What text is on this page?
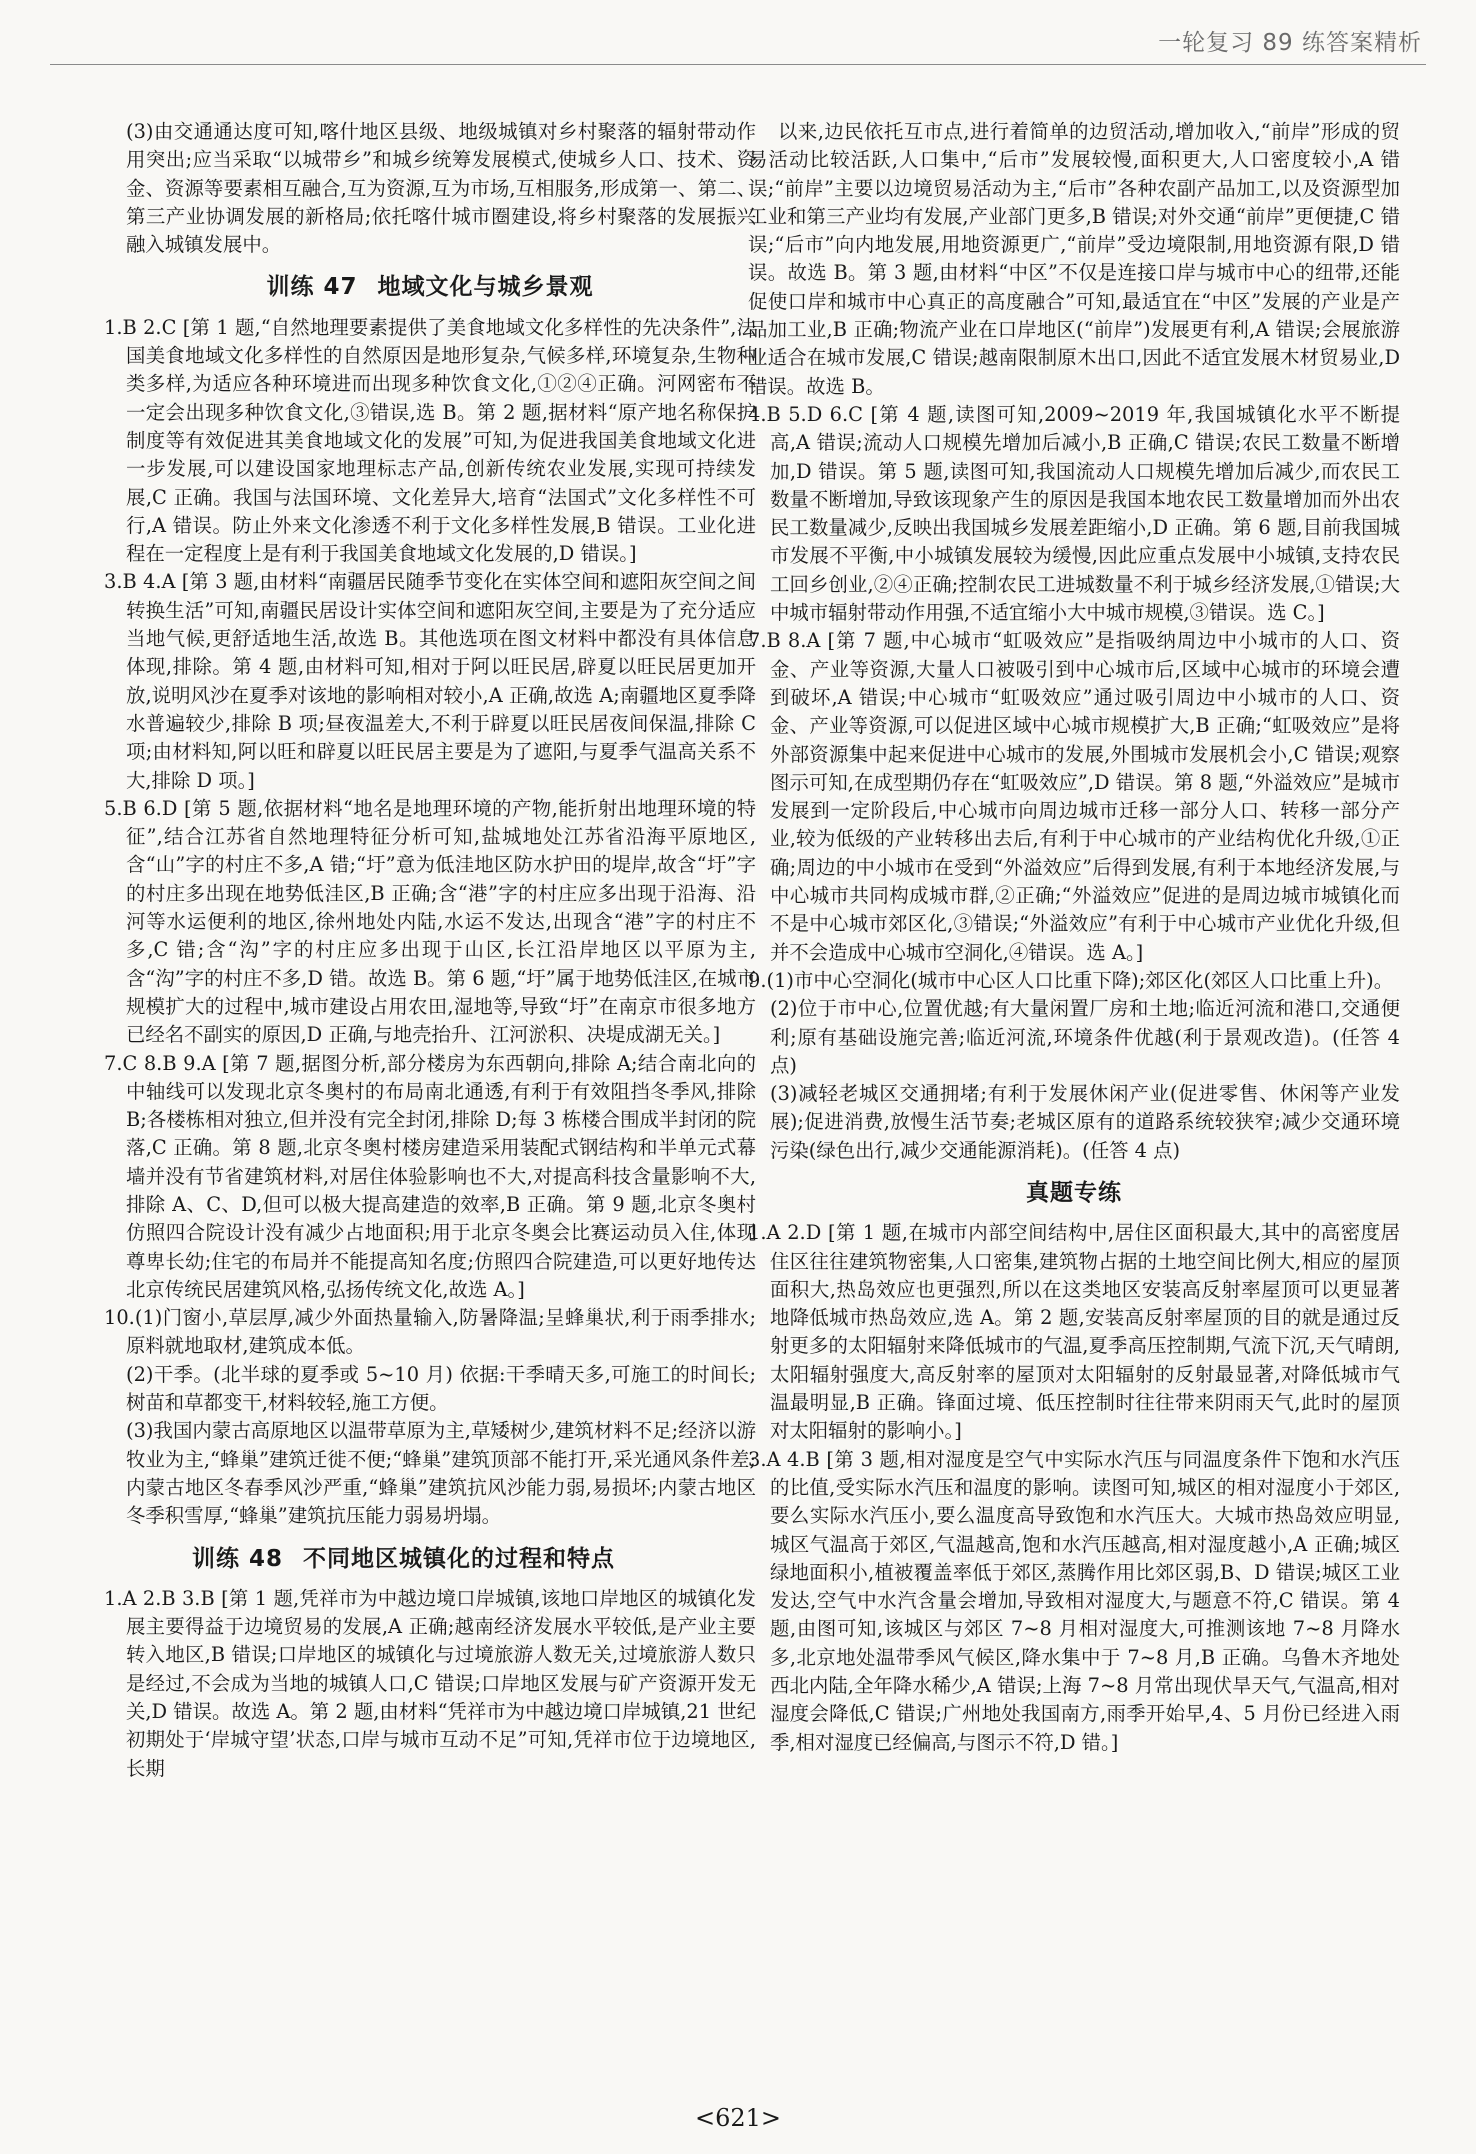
一轮复习 89 练答案精析

(3)由交通通达度可知,喀什地区县级、地级城镇对乡村聚落的辐射带动作用突出;应当采取“以城带乡”和城乡统筹发展模式,使城乡人口、技术、资金、资源等要素相互融合,互为资源,互为市场,互相服务,形成第一、第二、第三产业协调发展的新格局;依托喀什城市圈建设,将乡村聚落的发展振兴融入城镇发展中。

训练 47 地域文化与城乡景观

1.B 2.C [第 1 题,“自然地理要素提供了美食地域文化多样性的先决条件”,法国美食地域文化多样性的自然原因是地形复杂,气候多样,环境复杂,生物种类多样,为适应各种环境进而出现多种饮食文化,①②④正确。河网密布不一定会出现多种饮食文化,③错误,选 B。第 2 题,据材料“原产地名称保护制度等有效促进其美食地域文化的发展”可知,为促进我国美食地域文化进一步发展,可以建设国家地理标志产品,创新传统农业发展,实现可持续发展,C 正确。我国与法国环境、文化差异大,培育“法国式”文化多样性不可行,A 错误。防止外来文化渗透不利于文化多样性发展,B 错误。工业化进程在一定程度上是有利于我国美食地域文化发展的,D 错误。]

3.B 4.A [第 3 题,由材料“南疆居民随季节变化在实体空间和遮阳灰空间之间转换生活”可知,南疆民居设计实体空间和遮阳灰空间,主要是为了充分适应当地气候,更舒适地生活,故选 B。其他选项在图文材料中都没有具体信息体现,排除。第 4 题,由材料可知,相对于阿以旺民居,辟夏以旺民居更加开放,说明风沙在夏季对该地的影响相对较小,A 正确,故选 A;南疆地区夏季降水普遍较少,排除 B 项;昼夜温差大,不利于辟夏以旺民居夜间保温,排除 C 项;由材料知,阿以旺和辟夏以旺民居主要是为了遮阳,与夏季气温高关系不大,排除 D 项。]

5.B 6.D [第 5 题,依据材料“地名是地理环境的产物,能折射出地理环境的特征”,结合江苏省自然地理特征分析可知,盐城地处江苏省沿海平原地区,含“山”字的村庄不多,A 错;“圩”意为低洼地区防水护田的堤岸,故含“圩”字的村庄多出现在地势低洼区,B 正确;含“港”字的村庄应多出现于沿海、沿河等水运便利的地区,徐州地处内陆,水运不发达,出现含“港”字的村庄不多,C 错;含“沟”字的村庄应多出现于山区,长江沿岸地区以平原为主,含“沟”字的村庄不多,D 错。故选 B。第 6 题,“圩”属于地势低洼区,在城市规模扩大的过程中,城市建设占用农田,湿地等,导致“圩”在南京市很多地方已经名不副实的原因,D 正确,与地壳抬升、江河淤积、决堤成湖无关。]

7.C 8.B 9.A [第 7 题,据图分析,部分楼房为东西朝向,排除 A;结合南北向的中轴线可以发现北京冬奥村的布局南北通透,有利于有效阻挡冬季风,排除 B;各楼栋相对独立,但并没有完全封闭,排除 D;每 3 栋楼合围成半封闭的院落,C 正确。第 8 题,北京冬奥村楼房建造采用装配式钢结构和半单元式幕墙并没有节省建筑材料,对居住体验影响也不大,对提高科技含量影响不大,排除 A、C、D,但可以极大提高建造的效率,B 正确。第 9 题,北京冬奥村仿照四合院设计没有减少占地面积;用于北京冬奥会比赛运动员入住,体现尊卑长幼;住宅的布局并不能提高知名度;仿照四合院建造,可以更好地传达北京传统民居建筑风格,弘扬传统文化,故选 A。]

10.(1)门窗小,草层厚,减少外面热量输入,防暑降温;呈蜂巢状,利于雨季排水;原料就地取材,建筑成本低。

(2)干季。(北半球的夏季或 5~10 月) 依据:干季晴天多,可施工的时间长;树苗和草都变干,材料较轻,施工方便。

(3)我国内蒙古高原地区以温带草原为主,草矮树少,建筑材料不足;经济以游牧业为主,“蜂巢”建筑迁徙不便;“蜂巢”建筑顶部不能打开,采光通风条件差;内蒙古地区冬春季风沙严重,“蜂巢”建筑抗风沙能力弱,易损坏;内蒙古地区冬季积雪厚,“蜂巢”建筑抗压能力弱易坍塌。

训练 48 不同地区城镇化的过程和特点

1.A 2.B 3.B [第 1 题,凭祥市为中越边境口岸城镇,该地口岸地区的城镇化发展主要得益于边境贸易的发展,A 正确;越南经济发展水平较低,是产业主要转入地区,B 错误;口岸地区的城镇化与过境旅游人数无关,过境旅游人数只是经过,不会成为当地的城镇人口,C 错误;口岸地区发展与矿产资源开发无关,D 错误。故选 A。第 2 题,由材料“凭祥市为中越边境口岸城镇,21 世纪初期处于‘岸城守望’状态,口岸与城市互动不足”可知,凭祥市位于边境地区,长期

以来,边民依托互市点,进行着简单的边贸活动,增加收入,“前岸”形成的贸易活动比较活跃,人口集中,“后市”发展较慢,面积更大,人口密度较小,A 错误;“前岸”主要以边境贸易活动为主,“后市”各种农副产品加工,以及资源型加工业和第三产业均有发展,产业部门更多,B 错误;对外交通“前岸”更便捷,C 错误;“后市”向内地发展,用地资源更广,“前岸”受边境限制,用地资源有限,D 错误。故选 B。第 3 题,由材料“中区”不仅是连接口岸与城市中心的纽带,还能促使口岸和城市中心真正的高度融合”可知,最适宜在“中区”发展的产业是产品加工业,B 正确;物流产业在口岸地区(“前岸”)发展更有利,A 错误;会展旅游业适合在城市发展,C 错误;越南限制原木出口,因此不适宜发展木材贸易业,D 错误。故选 B。

4.B 5.D 6.C [第 4 题,读图可知,2009~2019 年,我国城镇化水平不断提高,A 错误;流动人口规模先增加后减小,B 正确,C 错误;农民工数量不断增加,D 错误。第 5 题,读图可知,我国流动人口规模先增加后减少,而农民工数量不断增加,导致该现象产生的原因是我国本地农民工数量增加而外出农民工数量减少,反映出我国城乡发展差距缩小,D 正确。第 6 题,目前我国城市发展不平衡,中小城镇发展较为缓慢,因此应重点发展中小城镇,支持农民工回乡创业,②④正确;控制农民工进城数量不利于城乡经济发展,①错误;大中城市辐射带动作用强,不适宜缩小大中城市规模,③错误。选 C。]

7.B 8.A [第 7 题,中心城市“虹吸效应”是指吸纳周边中小城市的人口、资金、产业等资源,大量人口被吸引到中心城市后,区域中心城市的环境会遭到破坏,A 错误;中心城市“虹吸效应”通过吸引周边中小城市的人口、资金、产业等资源,可以促进区域中心城市规模扩大,B 正确;“虹吸效应”是将外部资源集中起来促进中心城市的发展,外围城市发展机会小,C 错误;观察图示可知,在成型期仍存在“虹吸效应”,D 错误。第 8 题,“外溢效应”是城市发展到一定阶段后,中心城市向周边城市迁移一部分人口、转移一部分产业,较为低级的产业转移出去后,有利于中心城市的产业结构优化升级,①正确;周边的中小城市在受到“外溢效应”后得到发展,有利于本地经济发展,与中心城市共同构成城市群,②正确;“外溢效应”促进的是周边城市城镇化而不是中心城市郊区化,③错误;“外溢效应”有利于中心城市产业优化升级,但并不会造成中心城市空洞化,④错误。选 A。]

9.(1)市中心空洞化(城市中心区人口比重下降);郊区化(郊区人口比重上升)。

(2)位于市中心,位置优越;有大量闲置厂房和土地;临近河流和港口,交通便利;原有基础设施完善;临近河流,环境条件优越(利于景观改造)。(任答 4 点)

(3)减轻老城区交通拥堵;有利于发展休闲产业(促进零售、休闲等产业发展);促进消费,放慢生活节奏;老城区原有的道路系统较狭窄;减少交通环境污染(绿色出行,减少交通能源消耗)。(任答 4 点)

真题专练

1.A 2.D [第 1 题,在城市内部空间结构中,居住区面积最大,其中的高密度居住区往往建筑物密集,人口密集,建筑物占据的土地空间比例大,相应的屋顶面积大,热岛效应也更强烈,所以在这类地区安装高反射率屋顶可以更显著地降低城市热岛效应,选 A。第 2 题,安装高反射率屋顶的目的就是通过反射更多的太阳辐射来降低城市的气温,夏季高压控制期,气流下沉,天气晴朗,太阳辐射强度大,高反射率的屋顶对太阳辐射的反射最显著,对降低城市气温最明显,B 正确。锋面过境、低压控制时往往带来阴雨天气,此时的屋顶对太阳辐射的影响小。]

3.A 4.B [第 3 题,相对湿度是空气中实际水汽压与同温度条件下饱和水汽压的比值,受实际水汽压和温度的影响。读图可知,城区的相对湿度小于郊区,要么实际水汽压小,要么温度高导致饱和水汽压大。大城市热岛效应明显,城区气温高于郊区,气温越高,饱和水汽压越高,相对湿度越小,A 正确;城区绿地面积小,植被覆盖率低于郊区,蒸腾作用比郊区弱,B、D 错误;城区工业发达,空气中水汽含量会增加,导致相对湿度大,与题意不符,C 错误。第 4 题,由图可知,该城区与郊区 7~8 月相对湿度大,可推测该地 7~8 月降水多,北京地处温带季风气候区,降水集中于 7~8 月,B 正确。乌鲁木齐地处西北内陆,全年降水稀少,A 错误;上海 7~8 月常出现伏旱天气,气温高,相对湿度会降低,C 错误;广州地处我国南方,雨季开始早,4、5 月份已经进入雨季,相对湿度已经偏高,与图示不符,D 错。]

<621>
